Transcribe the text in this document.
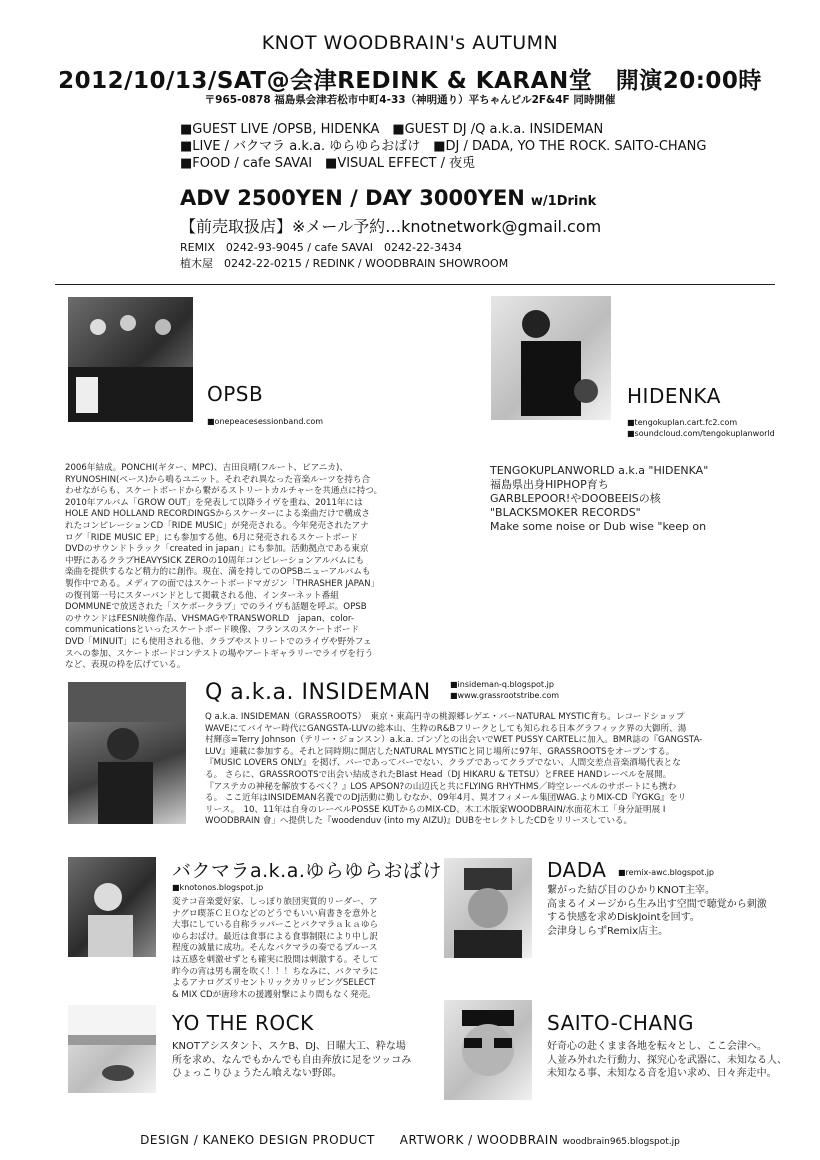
KNOT WOODBRAIN's AUTUMN
2012/10/13/SAT@会津REDINK & KARAN堂　開演20:00時
〒965-0878 福島県会津若松市中町4-33（神明通り）平ちゃんビル2F&4F 同時開催
■GUEST LIVE /OPSB, HIDENKA　■GUEST DJ /Q a.k.a. INSIDEMAN
■LIVE / バクマラ a.k.a. ゆらゆらおばけ　■DJ / DADA, YO THE ROCK. SAITO-CHANG
■FOOD / cafe SAVAI　■VISUAL EFFECT / 夜兎
ADV 2500YEN / DAY 3000YEN w/1Drink
【前売取扱店】※メール予約…knotnetwork@gmail.com
REMIX　0242-93-9045 / cafe SAVAI　0242-22-3434
植木屋　0242-22-0215 / REDINK / WOODBRAIN SHOWROOM
OPSB
■onepeacesessionband.com
2006年結成。PONCHI(ギター、MPC)、吉田良晴(フルート、ピアニカ)、
RYUNOSHIN(ベース)から鳴るユニット。それぞれ異なった音楽ルーツを持ち合
わせながらも、スケートボードから繋がるストリートカルチャーを共通点に持つ。
2010年アルバム「GROW OUT」を発表して以降ライヴを重ね、2011年には
HOLE AND HOLLAND RECORDINGSからスケーターによる楽曲だけで構成さ
れたコンピレーションCD「RIDE MUSIC」が発売される。今年発売されたアナ
ログ「RIDE MUSIC EP」にも参加する他、6月に発売されるスケートボード
DVDのサウンドトラック「created in japan」にも参加。活動拠点である東京
中野にあるクラブHEAVYSICK ZEROの10周年コンピレーションアルバムにも
楽曲を提供するなど精力的に創作。現在、満を持してのOPSBニューアルバムも
製作中である。メディアの面ではスケートボードマガジン「THRASHER JAPAN」
の復刊第一号にスターバンドとして掲載される他、インターネット番組
DOMMUNEで放送された「スケボークラブ」でのライヴも話題を呼ぶ。OPSB
のサウンドはFESN映像作品、VHSMAGやTRANSWORLD　japan、color-
communicationsといったスケートボード映像、フランスのスケートボード
DVD「MINUIT」にも使用される他、クラブやストリートでのライヴや野外フェ
スへの参加、スケートボードコンテストの場やアートギャラリーでライヴを行う
など、表現の枠を広げている。
HIDENKA
■tengokuplan.cart.fc2.com
■soundcloud.com/tengokuplanworld
TENGOKUPLANWORLD a.k.a "HIDENKA"
福島県出身HIPHOP育ち
GARBLEPOOR!やDOOBEEISの核
"BLACKSMOKER RECORDS"
Make some noise or Dub wise "keep on
Q a.k.a. INSIDEMAN ■insideman-q.blogspot.jp
■www.grassrootstribe.com
Q a.k.a. INSIDEMAN（GRASSROOTS）　東京・東高円寺の桃源郷レゲエ・バーNATURAL MYSTIC育ち。レコードショップ
WAVEにてバイヤー時代にGANGSTA-LUVの総本山、生粋のR&Bフリークとしても知られる日本グラフィック界の大御所、湯
村輝彦=Terry Johnson（テリー・ジョンスン）a.k.a. ゴンゾとの出会いでWET PUSSY CARTELに加入。BMR誌の『GANGSTA-
LUV』連載に参加する。それと同時期に開店したNATURAL MYSTICと同じ場所に97年、GRASSROOTSをオープンする。
『MUSIC LOVERS ONLY』を掲げ、バーであってバーでない、クラブであってクラブでない、人間交差点音楽酒場代表とな
る。 さらに、GRASSROOTSで出会い結成されたBlast Head（DJ HIKARU & TETSU）とFREE HANDレーベルを展開。
『アステカの神秘を解放するべく？』LOS APSON?の山辺氏と共にFLYING RHYTHMS／時空レーベルのサポートにも携わ
る。 ここ近年はINSIDEMAN名義でのDJ活動に勤しむなか、09年4月、異才フィメール集団WAG.よりMIX-CD『YGKG』をリ
リース。　10、11年は自身のレーベルPOSSE KUTからのMIX-CD、木工木版家WOODBRAIN/水面花木工「身分証明展 I
WOODBRAIN 會」へ提供した『woodenduv (into my AIZU)』DUBをセレクトしたCDをリリースしている。
バクマラa.k.a.ゆらゆらおばけ
■knotonos.blogspot.jp
変テコ音楽愛好家、しっぽり旅団実質的リーダー、ア
ナグロ喫茶ＣＥＯなどのどうでもいい肩書きを意外と
大事にしている自称ラッパーことバクマラａｋａゆら
ゆらおばけ。最近は食事による食事制限により中し訳
程度の減量に成功。そんなバクマラの奏でるブルース
は五感を刺激せずとも確実に股間は刺激する。そして
昨今の宵は男も潮を吹く！！！ちなみに、バクマラに
よるアナログズリセントリックカリッピングSELECT
& MIX CDが唐珍木の援護射撃により間もなく発売。
DADA ■remix-awc.blogspot.jp
繋がった結び目のひかりKNOT主宰。
高まるイメージから生み出す空間で聴覚から刺激
する快感を求めDiskJointを回す。
会津身しらずRemix店主。
YO THE ROCK
KNOTアシスタント、スケB、DJ、日曜大工、粋な場
所を求め、なんでもかんでも自由奔放に足をツッコみ
ひょっこりひょうたん喰えない野郎。
SAITO-CHANG
好奇心の赴くまま各地を転々とし、ここ会津へ。
人並み外れた行動力、探究心を武器に、未知なる人、
未知なる事、未知なる音を追い求め、日々奔走中。
DESIGN / KANEKO DESIGN PRODUCT　　ARTWORK / WOODBRAIN woodbrain965.blogspot.jp
